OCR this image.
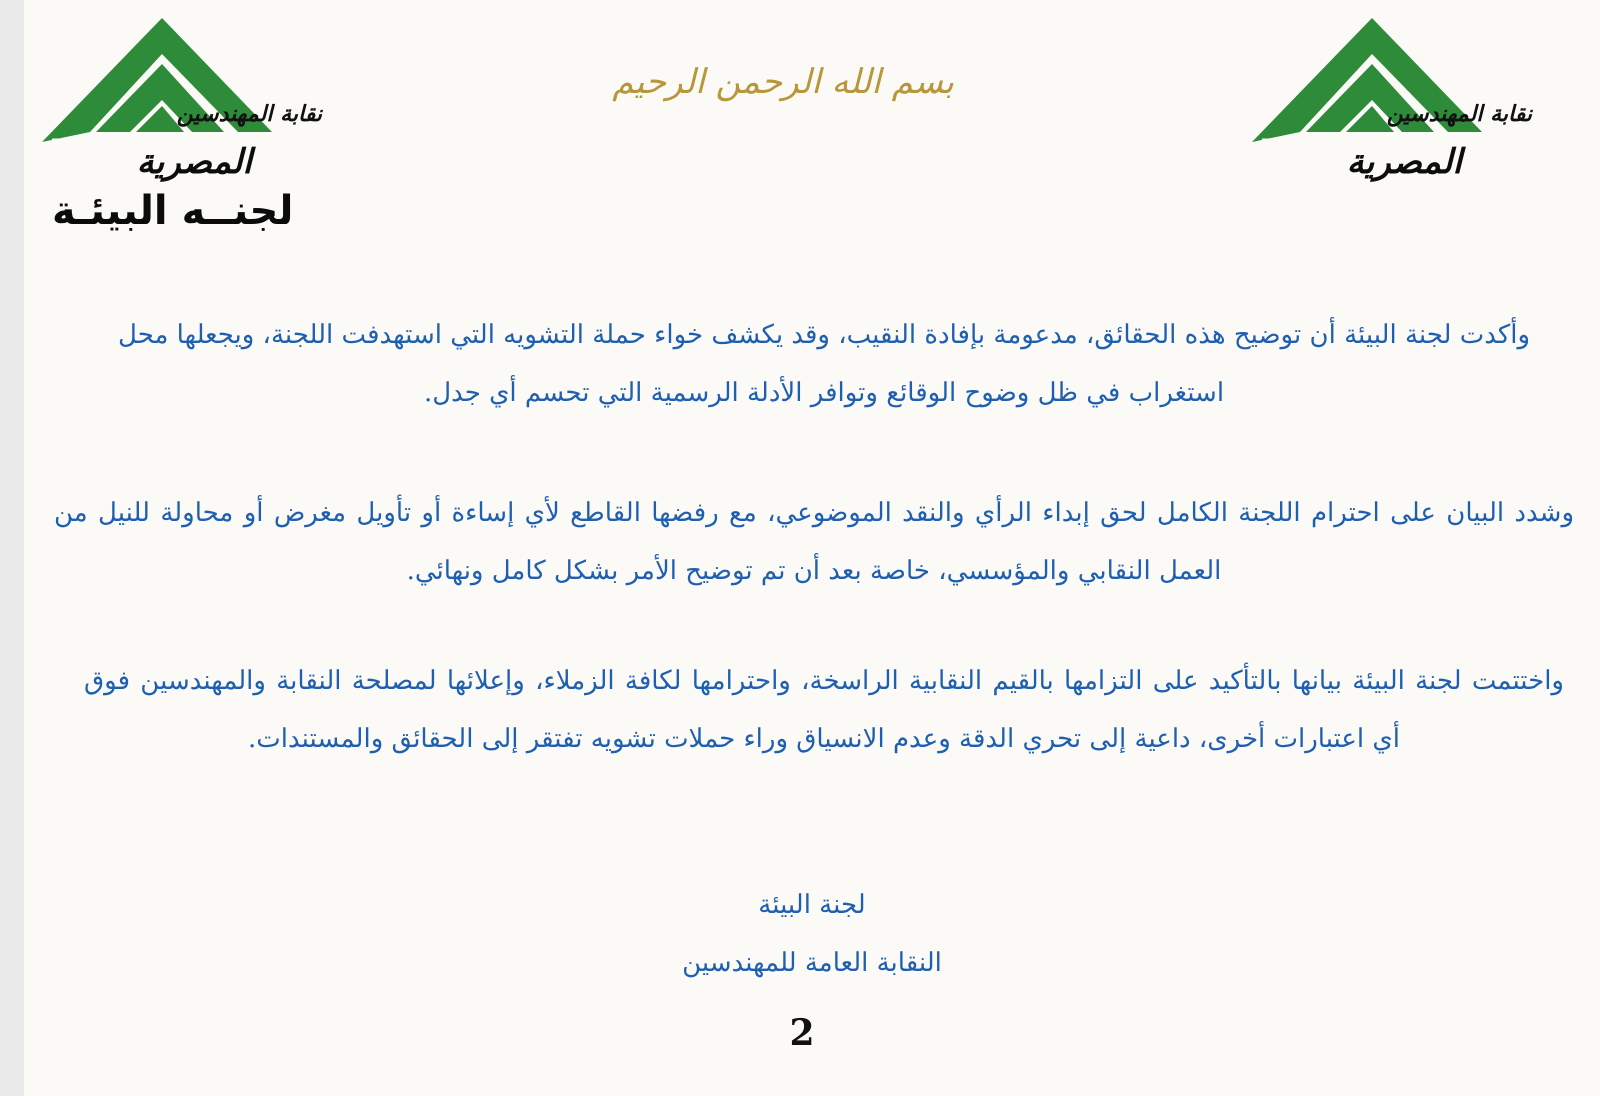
نقابة المهندسين
المصرية
لجنــه البيئـة
بسم الله الرحمن الرحيم
نقابة المهندسين
المصرية
وأكدت لجنة البيئة أن توضيح هذه الحقائق، مدعومة بإفادة النقيب، وقد يكشف خواء حملة التشويه التي استهدفت اللجنة، ويجعلها محل استغراب في ظل وضوح الوقائع وتوافر الأدلة الرسمية التي تحسم أي جدل.
وشدد البيان على احترام اللجنة الكامل لحق إبداء الرأي والنقد الموضوعي، مع رفضها القاطع لأي إساءة أو تأويل مغرض أو محاولة للنيل من العمل النقابي والمؤسسي، خاصة بعد أن تم توضيح الأمر بشكل كامل ونهائي.
واختتمت لجنة البيئة بيانها بالتأكيد على التزامها بالقيم النقابية الراسخة، واحترامها لكافة الزملاء، وإعلائها لمصلحة النقابة والمهندسين فوق أي اعتبارات أخرى، داعية إلى تحري الدقة وعدم الانسياق وراء حملات تشويه تفتقر إلى الحقائق والمستندات.
لجنة البيئة
النقابة العامة للمهندسين
2
